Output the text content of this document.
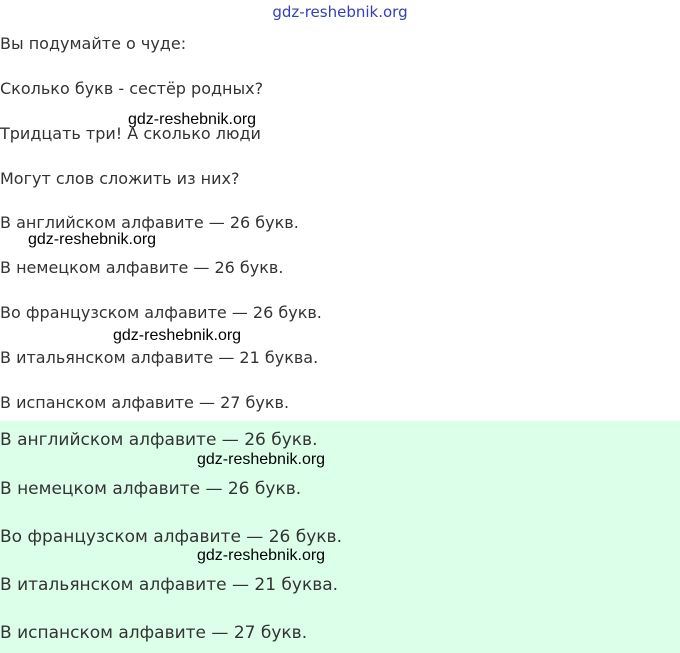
gdz-reshebnik.org
Вы подумайте о чуде:
Сколько букв - сестёр родных?
Тридцать три! А сколько люди
Могут слов сложить из них?
В английском алфавите — 26 букв.
В немецком алфавите — 26 букв.
Во французском алфавите — 26 букв.
В итальянском алфавите — 21 буква.
В испанском алфавите — 27 букв.
В английском алфавите — 26 букв.
В немецком алфавите — 26 букв.
Во французском алфавите — 26 букв.
В итальянском алфавите — 21 буква.
В испанском алфавите — 27 букв.
gdz-reshebnik.org
gdz-reshebnik.org
gdz-reshebnik.org
gdz-reshebnik.org
gdz-reshebnik.org
